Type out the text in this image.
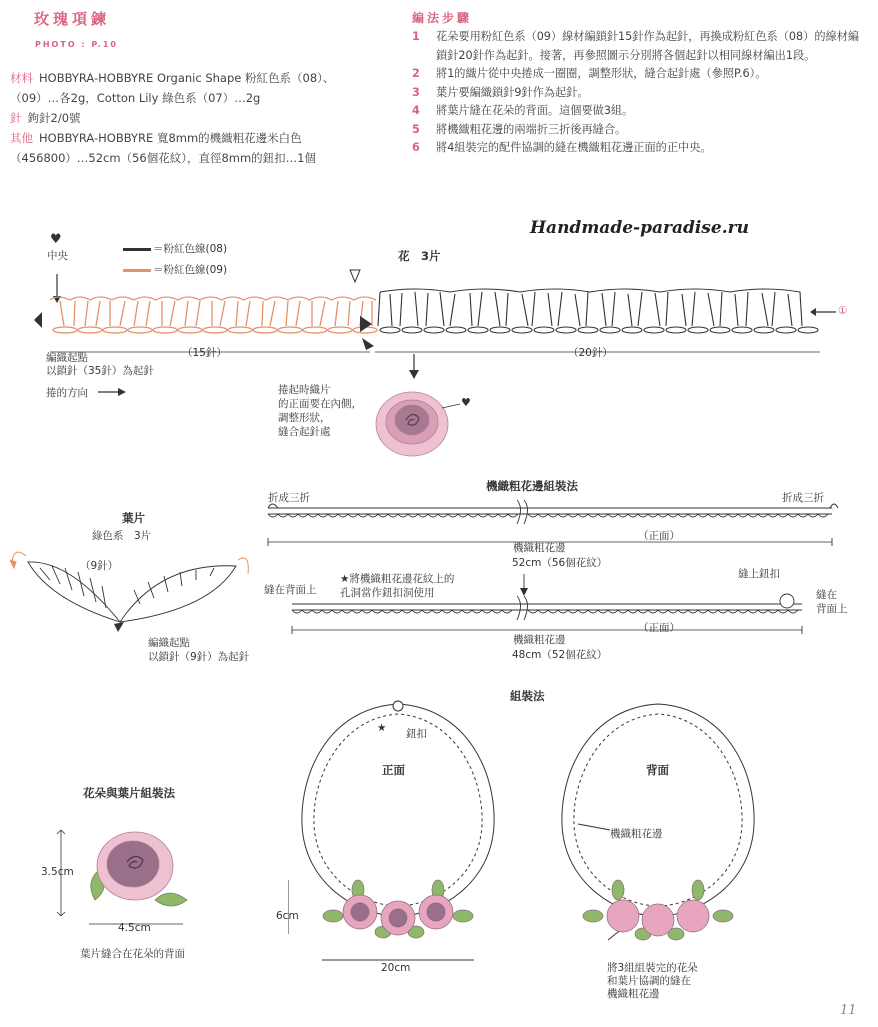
玫瑰項鍊
PHOTO : P.10
材料 HOBBYRA-HOBBYRE Organic Shape 粉紅色系（08）、（09）…各2g，Cotton Lily 綠色系（07）…2g
針 鉤針2/0號
其他 HOBBYRA-HOBBYRE 寬8mm的機織粗花邊米白色（456800）…52cm（56個花紋），直徑8mm的鈕扣…1個
編法步驟
1 花朵要用粉紅色系（09）線材編鎖針15針作為起針，再換成粉紅色系（08）的線材編鎖針20針作為起針。接著，再參照圖示分別將各個起針以相同線材編出1段。
2 將1的織片從中央捲成一圈圈，調整形狀，縫合起針處（參照P.6）。
3 葉片要編織鎖針9針作為起針。
4 將葉片縫在花朵的背面。這個要做3組。
5 將機織粗花邊的兩端折三折後再縫合。
6 將4組裝完的配件協調的縫在機織粗花邊正面的正中央。
Handmade-paradise.ru
11
♥
中央
＝粉紅色線(08)
＝粉紅色線(09)
花　3片
①
（15針）	（20針）
編織起點
以鎖針（35針）為起針
捲的方向	捲起時織片
的正面要在內側，
調整形狀，
縫合起針處
♥
機織粗花邊組裝法
折成三折	折成三折
（正面）
機織粗花邊
52cm（56個花紋）
縫在背面上
★將機織粗花邊花紋上的
孔洞當作鈕扣洞使用
縫上鈕扣
縫在
背面上
（正面）
機織粗花邊
48cm（52個花紋）
葉片
綠色系　3片
（9針）
編織起點
以鎖針（9針）為起針
組裝法
★ 鈕扣
正面	背面
機織粗花邊
6cm
20cm	將3組組裝完的花朵
和葉片協調的縫在
機織粗花邊
花朵與葉片組裝法
3.5cm
4.5cm
葉片縫合在花朵的背面
